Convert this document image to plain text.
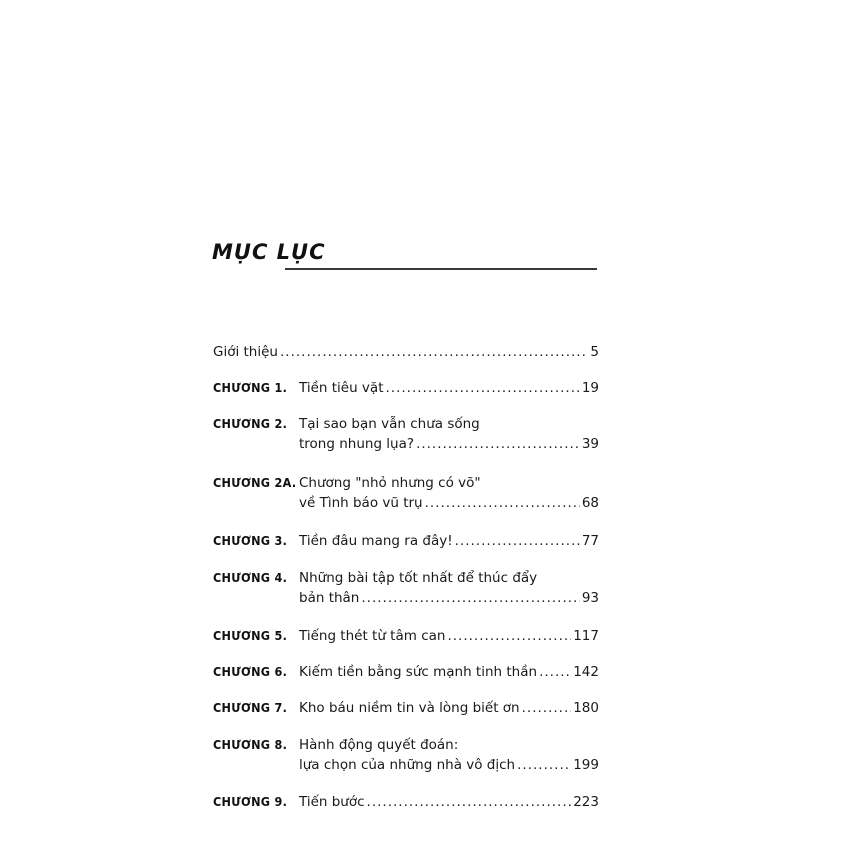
MỤC LỤC
Giới thiệu .....	5
CHƯƠNG 1. Tiền tiêu vặt .....	19
CHƯƠNG 2. Tại sao bạn vẫn chưa sống
trong nhung lụa? .....	39
CHƯƠNG 2A. Chương "nhỏ nhưng có võ"
về Tình báo vũ trụ .....	68
CHƯƠNG 3. Tiền đâu mang ra đây! .....	77
CHƯƠNG 4. Những bài tập tốt nhất để thúc đẩy
bản thân .....	93
CHƯƠNG 5. Tiếng thét từ tâm can .....	117
CHƯƠNG 6. Kiếm tiền bằng sức mạnh tinh thần .....	142
CHƯƠNG 7. Kho báu niềm tin và lòng biết ơn .....	180
CHƯƠNG 8. Hành động quyết đoán:
lựa chọn của những nhà vô địch .....	199
CHƯƠNG 9. Tiến bước .....	223
